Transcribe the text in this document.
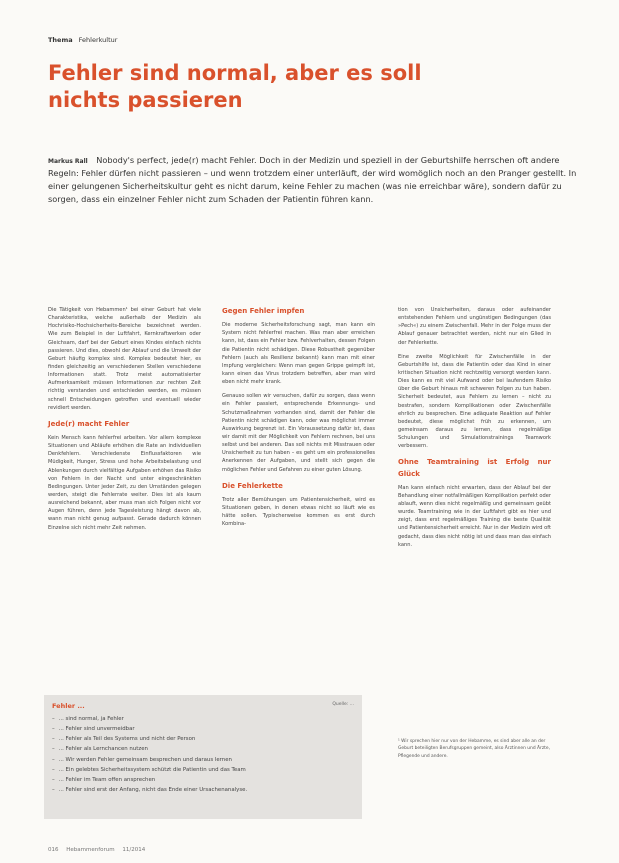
Thema Fehlerkultur
Fehler sind normal, aber es soll
nichts passieren
Markus Rall Nobody's perfect, jede(r) macht Fehler. Doch in der Medizin und speziell in der Geburtshilfe herrschen oft andere Regeln: Fehler dürfen nicht passieren – und wenn trotzdem einer unterläuft, der wird womöglich noch an den Pranger gestellt. In einer gelungenen Sicherheitskultur geht es nicht darum, keine Fehler zu machen (was nie erreichbar wäre), sondern dafür zu sorgen, dass ein einzelner Fehler nicht zum Schaden der Patientin führen kann.

Die Tätigkeit von Hebammen¹ bei einer Geburt hat viele Charakteristika, welche außerhalb der Medizin als Hochrisiko-Hochsicherheits-Bereiche bezeichnet werden. Wie zum Beispiel in der Luftfahrt, Kernkraftwerken oder Gleichsam, darf bei der Geburt eines Kindes einfach nichts passieren. Und dies, obwohl der Ablauf und die Umwelt der Geburt häufig komplex sind. Komplex bedeutet hier, es finden gleichzeitig an verschiedenen Stellen verschiedene Informationen statt. Trotz meist automatisierter Aufmerksamkeit müssen Informationen zur rechten Zeit richtig verstanden und entschieden werden, es müssen schnell Entscheidungen getroffen und eventuell wieder revidiert werden.

Jede(r) macht Fehler

Kein Mensch kann fehlerfrei arbeiten. Vor allem komplexe Situationen und Abläufe erhöhen die Rate an individuellen Denkfehlern. Verschiedenste Einflussfaktoren wie Müdigkeit, Hunger, Stress und hohe Arbeitsbelastung und Ablenkungen durch vielfältige Aufgaben erhöhen das Risiko von Fehlern in der Nacht und unter eingeschränkten Bedingungen. Unter jeder Zeit, zu den Umständen gelegen werden, steigt die Fehlerrate weiter. Dies ist als kaum ausreichend bekannt, aber muss man sich Folgen nicht vor Augen führen, denn jede Tagesleistung hängt davon ab, wann man nicht genug aufpasst. Gerade dadurch können Einzelne sich nicht mehr Zeit nehmen.

Gegen Fehler impfen

Die moderne Sicherheitsforschung sagt, man kann ein System nicht fehlerfrei machen. Was man aber erreichen kann, ist, dass ein Fehler bzw. Fehlverhalten, dessen Folgen die Patientin nicht schädigen. Diese Robustheit gegenüber Fehlern (auch als Resilienz bekannt) kann man mit einer Impfung vergleichen: Wenn man gegen Grippe geimpft ist, kann einen das Virus trotzdem betreffen, aber man wird eben nicht mehr krank.

Genauso sollen wir versuchen, dafür zu sorgen, dass wenn ein Fehler passiert, entsprechende Erkennungs- und Schutzmaßnahmen vorhanden sind, damit der Fehler die Patientin nicht schädigen kann, oder was möglichst immer Auswirkung begrenzt ist. Ein Voraussetzung dafür ist, dass wir damit mit der Möglichkeit von Fehlern rechnen, bei uns selbst und bei anderen. Das soll nichts mit Misstrauen oder Unsicherheit zu tun haben – es geht um ein professionelles Anerkennen der Aufgaben, und stellt sich gegen die möglichen Fehler und Gefahren zu einer guten Lösung.

Die Fehlerkette

Trotz aller Bemühungen um Patientensicherheit, wird es Situationen geben, in denen etwas nicht so läuft wie es hätte sollen. Typischerweise kommen es erst durch Kombina-

tion von Unsicherheiten, daraus oder aufeinander entstehenden Fehlern und ungünstigen Bedingungen (das »Pech«) zu einem Zwischenfall. Mehr in der Folge muss der Ablauf genauer betrachtet werden, nicht nur ein Glied in der Fehlerkette.

Eine zweite Möglichkeit für Zwischenfälle in der Geburtshilfe ist, dass die Patientin oder das Kind in einer kritischen Situation nicht rechtzeitig versorgt werden kann. Dies kann es mit viel Aufwand oder bei laufendem Risiko über die Geburt hinaus mit schweren Folgen zu tun haben. Sicherheit bedeutet, aus Fehlern zu lernen – nicht zu bestrafen, sondern Komplikationen oder Zwischenfälle ehrlich zu besprechen. Eine adäquate Reaktion auf Fehler bedeutet, diese möglichst früh zu erkennen, um gemeinsam daraus zu lernen, dass regelmäßige Schulungen und Simulationstrainings Teamwork verbessern.

Ohne Teamtraining ist Erfolg nur Glück

Man kann einfach nicht erwarten, dass der Ablauf bei der Behandlung einer notfallmäßigen Komplikation perfekt oder ablauft, wenn dies nicht regelmäßig und gemeinsam geübt wurde. Teamtraining wie in der Luftfahrt gibt es hier und zeigt, dass erst regelmäßiges Training die beste Qualität und Patientensicherheit erreicht. Nur in der Medizin wird oft gedacht, dass dies nicht nötig ist und dass man das einfach kann.

Fehler ...	Quelle: ...
– ... sind normal, ja Fehler
– ... Fehler sind unvermeidbar
– ... Fehler als Teil des Systems und nicht der Person
– ... Fehler als Lernchancen nutzen
– ... Wir werden Fehler gemeinsam besprechen und daraus lernen
– ... Ein gelebtes Sicherheitssystem schützt die Patientin und das Team
– ... Fehler im Team offen ansprechen
– ... Fehler sind erst der Anfang, nicht das Ende einer Ursachenanalyse.
¹ Wir sprechen hier nur von der Hebamme, es sind aber alle an der Geburt beteiligten Berufsgruppen gemeint, also Ärztinnen und Ärzte, Pflegende und andere.
016 Hebammenforum 11/2014
